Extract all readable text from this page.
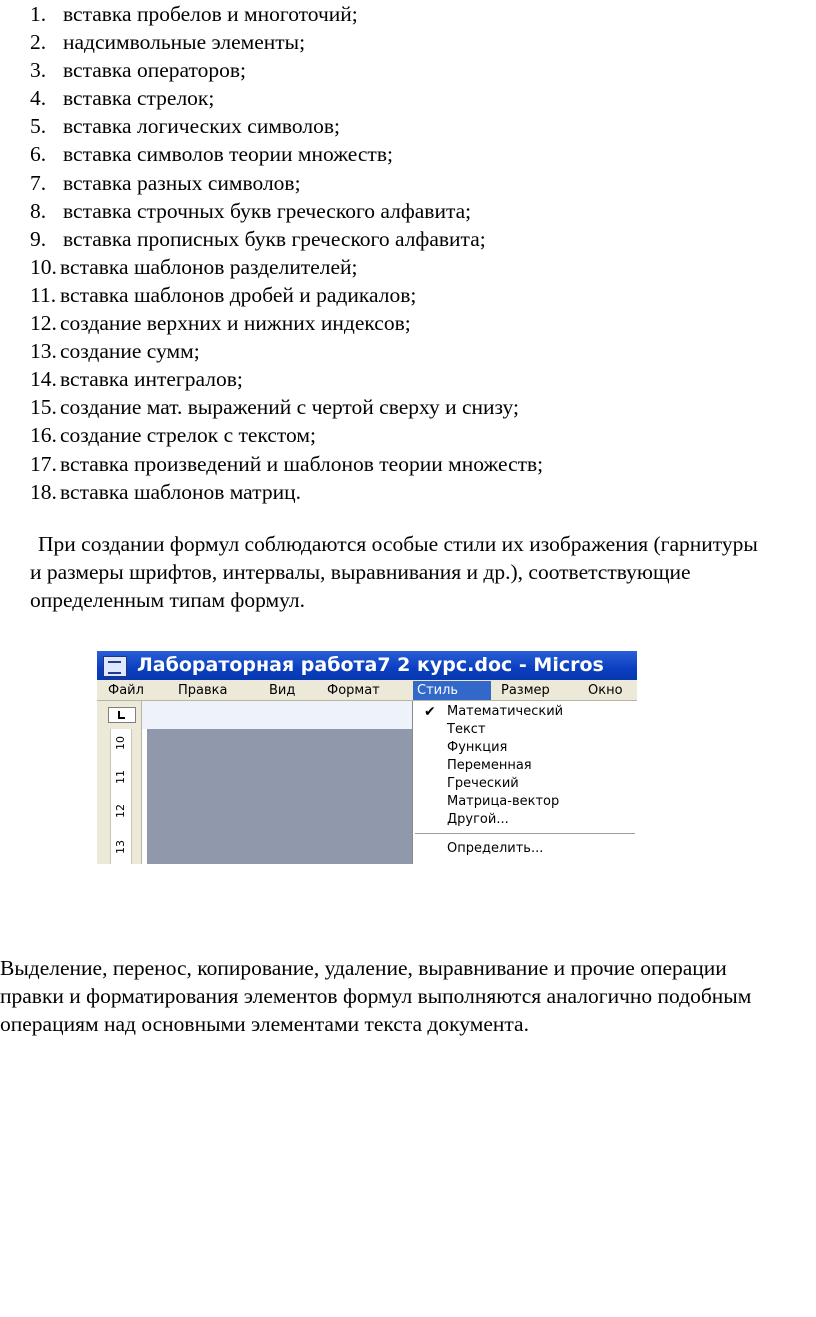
1. вставка пробелов и многоточий;
2. надсимвольные элементы;
3. вставка операторов;
4. вставка стрелок;
5. вставка логических символов;
6. вставка символов теории множеств;
7. вставка разных символов;
8. вставка строчных букв греческого алфавита;
9. вставка прописных букв греческого алфавита;
10. вставка шаблонов разделителей;
11. вставка шаблонов дробей и радикалов;
12. создание верхних и нижних индексов;
13. создание сумм;
14. вставка интегралов;
15. создание мат. выражений с чертой сверху и снизу;
16. создание стрелок с текстом;
17. вставка произведений и шаблонов теории множеств;
18. вставка шаблонов матриц.

При создании формул соблюдаются особые стили их изображения (гарнитуры и размеры шрифтов, интервалы, выравнивания и др.), соответствующие определенным типам формул.

Лабораторная работа7 2 курс.doc - Micros
Файл	Правка	Вид	Формат	Стиль	Размер	Окно
10
11
12
13
✔ Математический
Текст
Функция
Переменная
Греческий
Матрица-вектор
Другой...
Определить...

Выделение, перенос, копирование, удаление, выравнивание и прочие операции правки и форматирования элементов формул выполняются аналогично подобным операциям над основными элементами текста документа.
